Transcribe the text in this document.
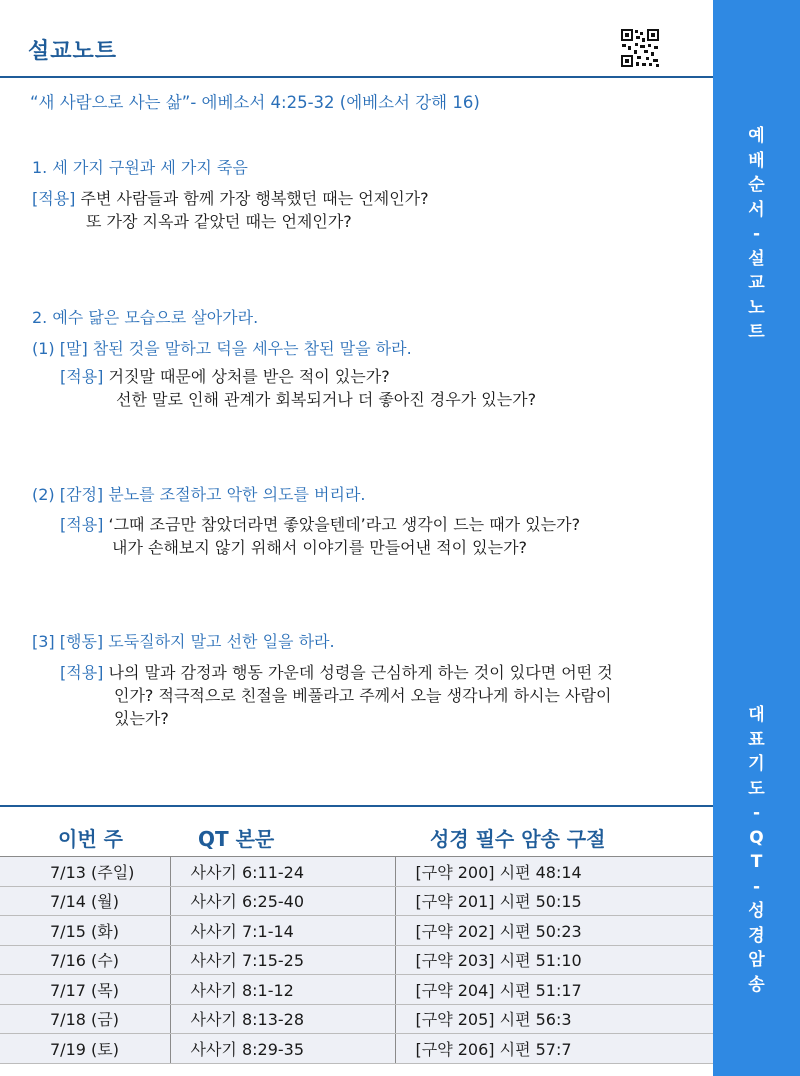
예
배
순
서
-
설
교
노
트
대
표
기
도
-
Q
T
-
성
경
암
송
설교노트
“새 사람으로 사는 삶”- 에베소서 4:25-32 (에베소서 강해 16)
1. 세 가지 구원과 세 가지 죽음
[적용] 주변 사람들과 함께 가장 행복했던 때는 언제인가?
또 가장 지옥과 같았던 때는 언제인가?
2. 예수 닮은 모습으로 살아가라.
(1) [말] 참된 것을 말하고 덕을 세우는 참된 말을 하라.
[적용] 거짓말 때문에 상처를 받은 적이 있는가?
선한 말로 인해 관계가 회복되거나 더 좋아진 경우가 있는가?
(2) [감정] 분노를 조절하고 악한 의도를 버리라.
[적용] ‘그때 조금만 참았더라면 좋았을텐데’라고 생각이 드는 때가 있는가?
내가 손해보지 않기 위해서 이야기를 만들어낸 적이 있는가?
[3] [행동] 도둑질하지 말고 선한 일을 하라.
[적용] 나의 말과 감정과 행동 가운데 성령을 근심하게 하는 것이 있다면 어떤 것
인가? 적극적으로 친절을 베풀라고 주께서 오늘 생각나게 하시는 사람이
있는가?
이번 주	QT 본문	성경 필수 암송 구절
7/13 (주일)	사사기 6:11-24	[구약 200] 시편 48:14
7/14 (월)	사사기 6:25-40	[구약 201] 시편 50:15
7/15 (화)	사사기 7:1-14	[구약 202] 시편 50:23
7/16 (수)	사사기 7:15-25	[구약 203] 시편 51:10
7/17 (목)	사사기 8:1-12	[구약 204] 시편 51:17
7/18 (금)	사사기 8:13-28	[구약 205] 시편 56:3
7/19 (토)	사사기 8:29-35	[구약 206] 시편 57:7
